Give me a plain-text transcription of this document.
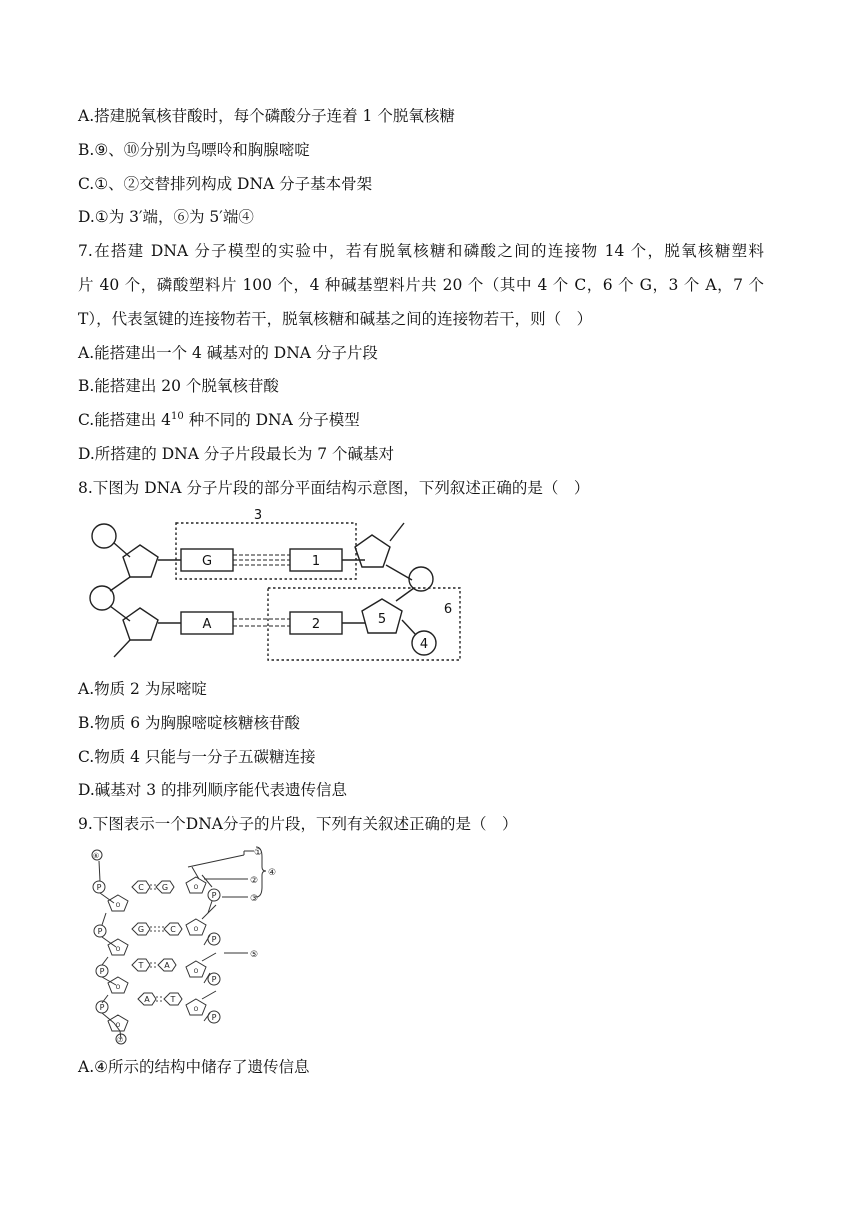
A.搭建脱氧核苷酸时，每个磷酸分子连着 1 个脱氧核糖
B.⑨、⑩分别为鸟嘌呤和胸腺嘧啶
C.①、②交替排列构成 DNA 分子基本骨架
D.①为 3′端，⑥为 5′端④
7.在搭建 DNA 分子模型的实验中，若有脱氧核糖和磷酸之间的连接物 14 个，脱氧核糖塑料
片 40 个，磷酸塑料片 100 个，4 种碱基塑料片共 20 个（其中 4 个 C，6 个 G，3 个 A，7 个
T），代表氢键的连接物若干，脱氧核糖和碱基之间的连接物若干，则（　）
A.能搭建出一个 4 碱基对的 DNA 分子片段
B.能搭建出 20 个脱氧核苷酸
C.能搭建出 $4^{10}$ 种不同的 DNA 分子模型
D.所搭建的 DNA 分子片段最长为 7 个碱基对
8.下图为 DNA 分子片段的部分平面结构示意图，下列叙述正确的是（　）
3
G	1
A	2	5
4
6
A.物质 2 为尿嘧啶
B.物质 6 为胸腺嘧啶核糖核苷酸
C.物质 4 只能与一分子五碳糖连接
D.碱基对 3 的排列顺序能代表遗传信息
9.下图表示一个DNA分子的片段，下列有关叙述正确的是（　）
C G
G	C
T	A
A	T
P
P
P
P
P
P
P
P
O
O
O
O
O
O
O
O
①
②
③
④
⑤
⑥
⑦
A.④所示的结构中储存了遗传信息
